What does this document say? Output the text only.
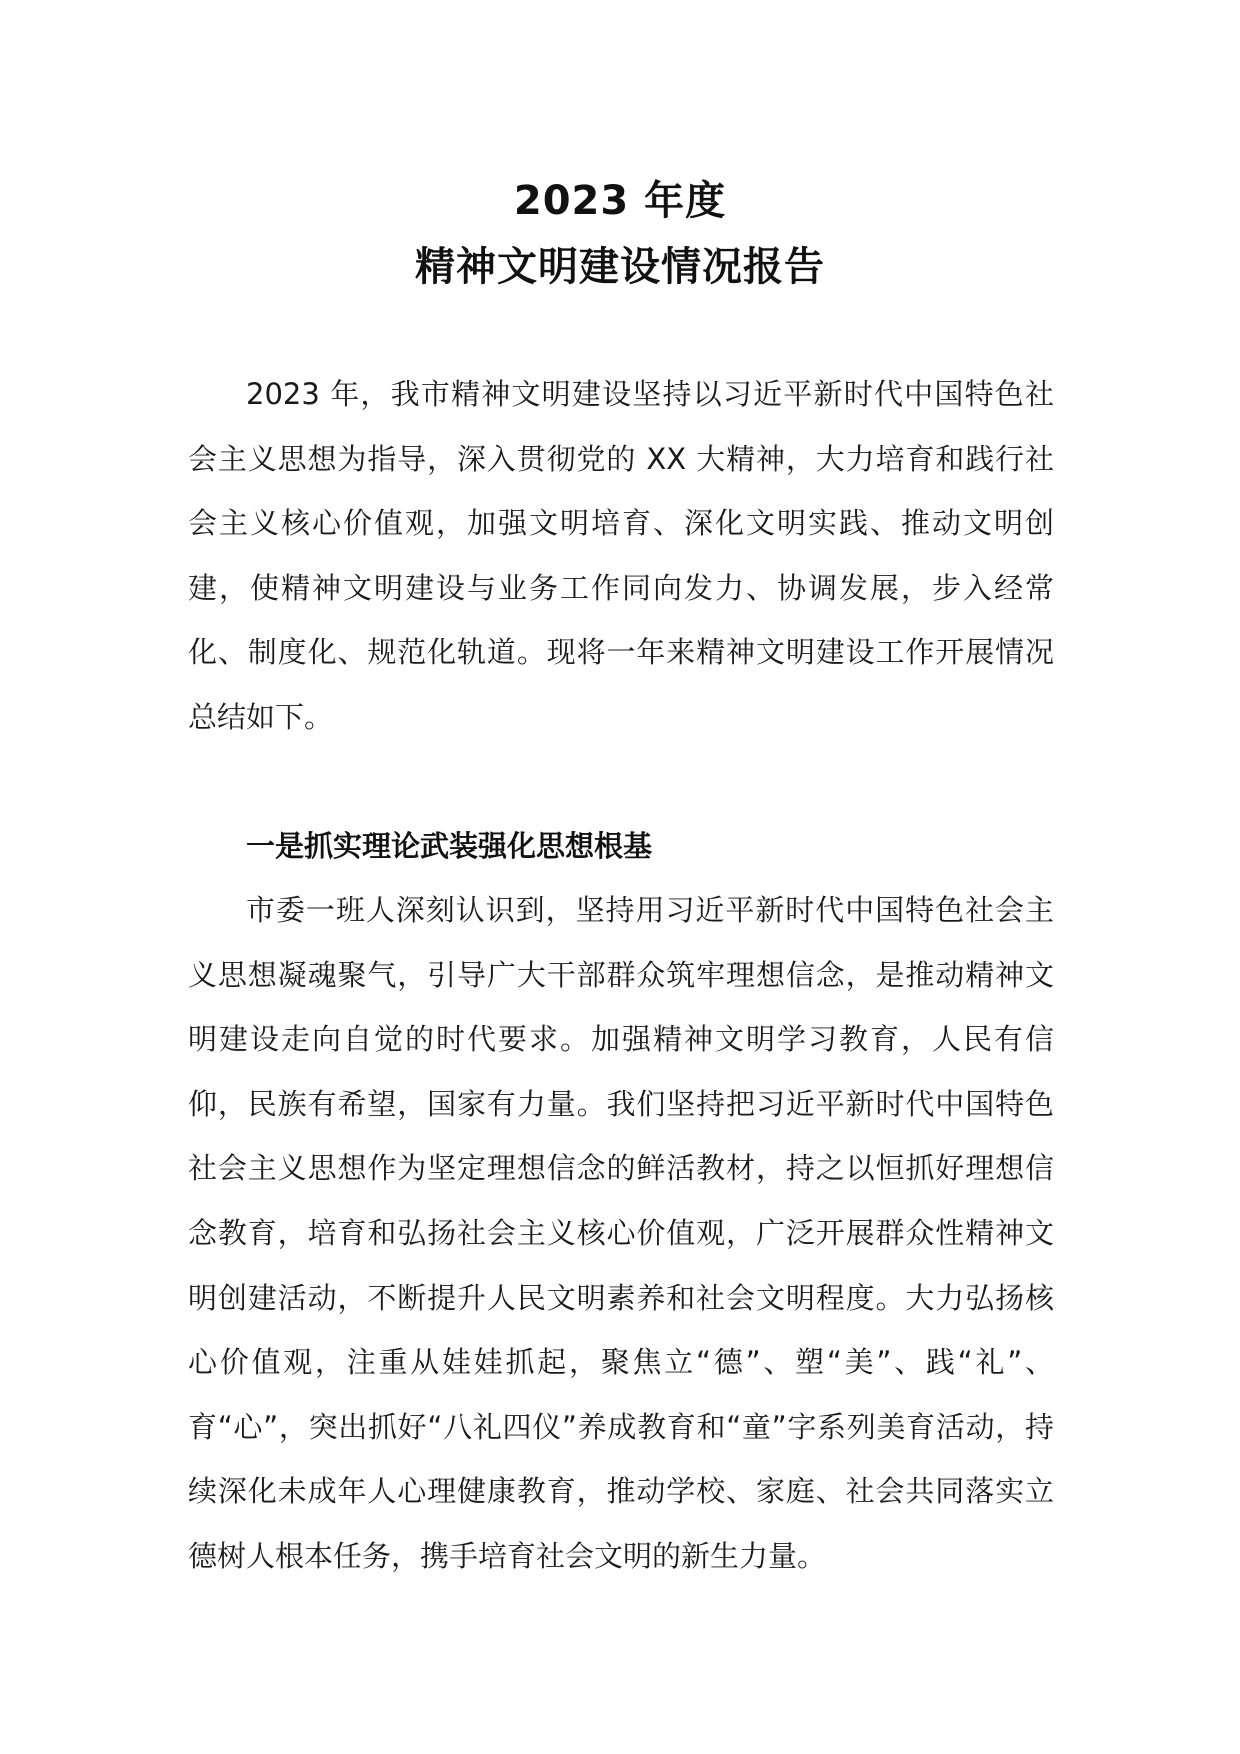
2023 年度
精神文明建设情况报告

2023 年，我市精神文明建设坚持以习近平新时代中国特色社会主义思想为指导，深入贯彻党的 XX 大精神，大力培育和践行社会主义核心价值观，加强文明培育、深化文明实践、推动文明创建，使精神文明建设与业务工作同向发力、协调发展，步入经常化、制度化、规范化轨道。现将一年来精神文明建设工作开展情况总结如下。

一是抓实理论武装强化思想根基

市委一班人深刻认识到，坚持用习近平新时代中国特色社会主义思想凝魂聚气，引导广大干部群众筑牢理想信念，是推动精神文明建设走向自觉的时代要求。加强精神文明学习教育，人民有信仰，民族有希望，国家有力量。我们坚持把习近平新时代中国特色社会主义思想作为坚定理想信念的鲜活教材，持之以恒抓好理想信念教育，培育和弘扬社会主义核心价值观，广泛开展群众性精神文明创建活动，不断提升人民文明素养和社会文明程度。大力弘扬核心价值观，注重从娃娃抓起，聚焦立“德”、塑“美”、践“礼”、育“心”，突出抓好“八礼四仪”养成教育和“童”字系列美育活动，持续深化未成年人心理健康教育，推动学校、家庭、社会共同落实立德树人根本任务，携手培育社会文明的新生力量。
